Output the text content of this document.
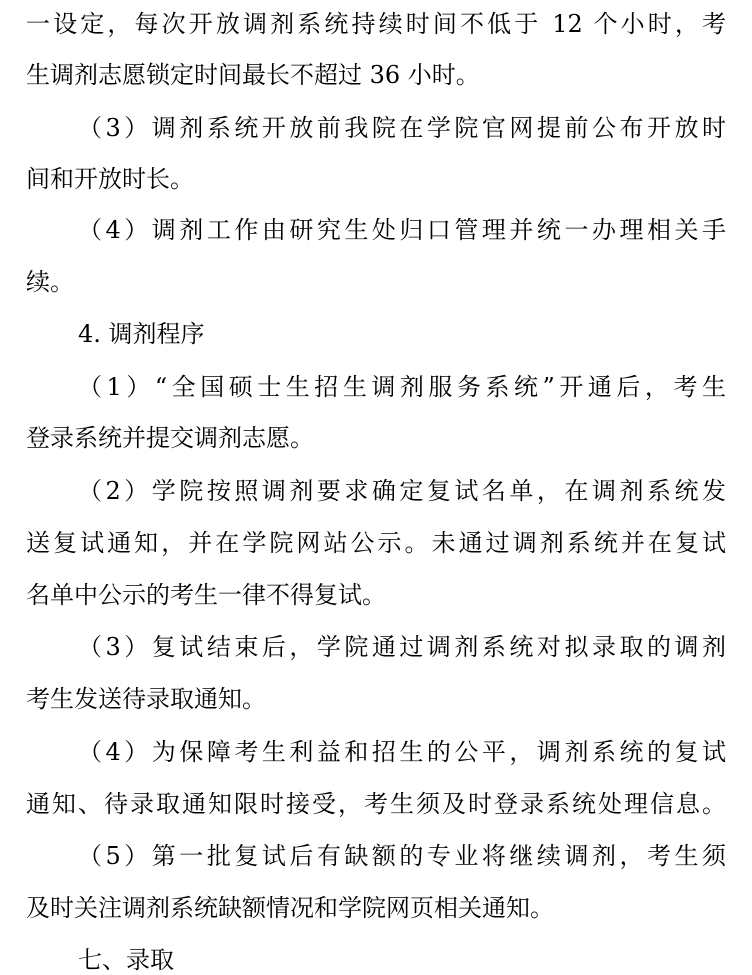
一设定，每次开放调剂系统持续时间不低于 12 个小时，考
生调剂志愿锁定时间最长不超过 36 小时。
（3）调剂系统开放前我院在学院官网提前公布开放时
间和开放时长。
（4）调剂工作由研究生处归口管理并统一办理相关手
续。
4. 调剂程序
（1）“全国硕士生招生调剂服务系统”开通后，考生
登录系统并提交调剂志愿。
（2）学院按照调剂要求确定复试名单，在调剂系统发
送复试通知，并在学院网站公示。未通过调剂系统并在复试
名单中公示的考生一律不得复试。
（3）复试结束后，学院通过调剂系统对拟录取的调剂
考生发送待录取通知。
（4）为保障考生利益和招生的公平，调剂系统的复试
通知、待录取通知限时接受，考生须及时登录系统处理信息。
（5）第一批复试后有缺额的专业将继续调剂，考生须
及时关注调剂系统缺额情况和学院网页相关通知。
七、录取
